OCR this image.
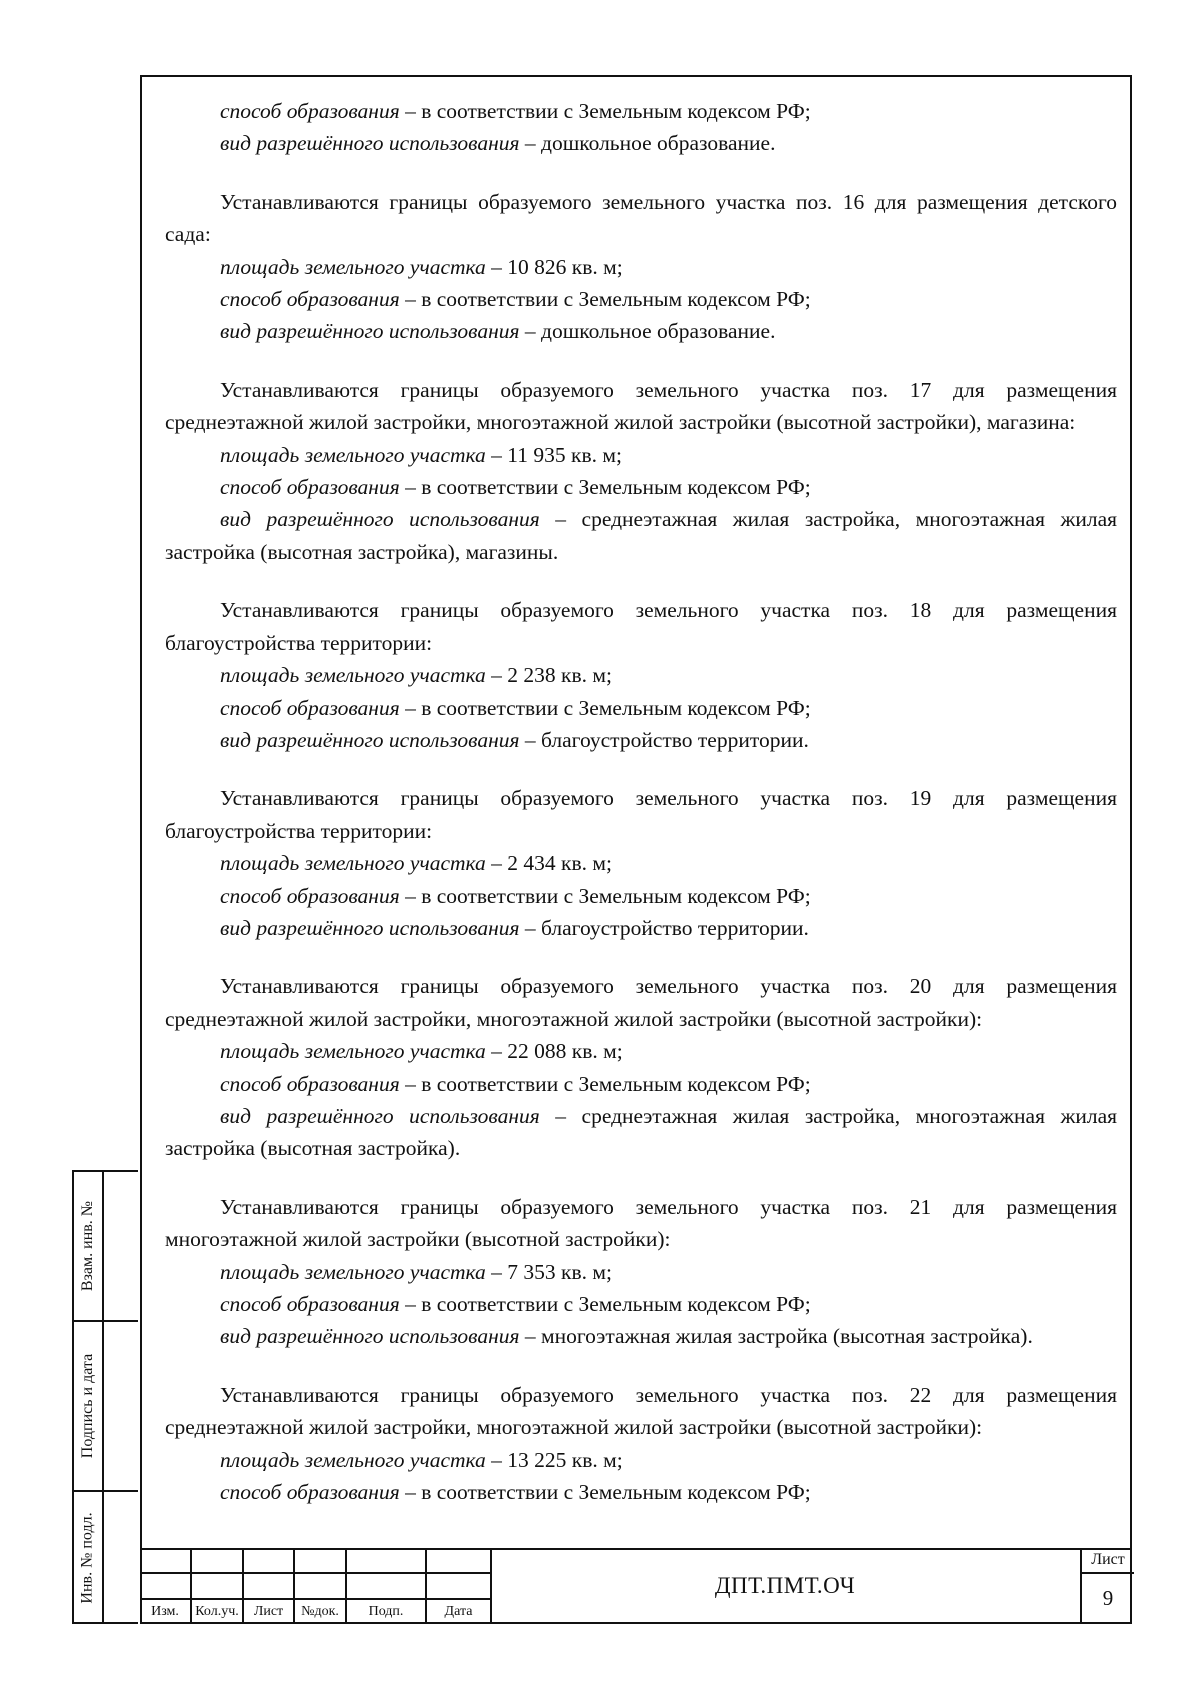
способ образования – в соответствии с Земельным кодексом РФ;

вид разрешённого использования – дошкольное образование.

Устанавливаются границы образуемого земельного участка поз. 16 для размещения детского сада:

площадь земельного участка – 10 826 кв. м;

способ образования – в соответствии с Земельным кодексом РФ;

вид разрешённого использования – дошкольное образование.

Устанавливаются границы образуемого земельного участка поз. 17 для размещения среднеэтажной жилой застройки, многоэтажной жилой застройки (высотной застройки), магазина:

площадь земельного участка – 11 935 кв. м;

способ образования – в соответствии с Земельным кодексом РФ;

вид разрешённого использования – среднеэтажная жилая застройка, многоэтажная жилая застройка (высотная застройка), магазины.

Устанавливаются границы образуемого земельного участка поз. 18 для размещения благоустройства территории:

площадь земельного участка – 2 238 кв. м;

способ образования – в соответствии с Земельным кодексом РФ;

вид разрешённого использования – благоустройство территории.

Устанавливаются границы образуемого земельного участка поз. 19 для размещения благоустройства территории:

площадь земельного участка – 2 434 кв. м;

способ образования – в соответствии с Земельным кодексом РФ;

вид разрешённого использования – благоустройство территории.

Устанавливаются границы образуемого земельного участка поз. 20 для размещения среднеэтажной жилой застройки, многоэтажной жилой застройки (высотной застройки):

площадь земельного участка – 22 088 кв. м;

способ образования – в соответствии с Земельным кодексом РФ;

вид разрешённого использования – среднеэтажная жилая застройка, многоэтажная жилая застройка (высотная застройка).

Устанавливаются границы образуемого земельного участка поз. 21 для размещения многоэтажной жилой застройки (высотной застройки):

площадь земельного участка – 7 353 кв. м;

способ образования – в соответствии с Земельным кодексом РФ;

вид разрешённого использования – многоэтажная жилая застройка (высотная застройка).

Устанавливаются границы образуемого земельного участка поз. 22 для размещения среднеэтажной жилой застройки, многоэтажной жилой застройки (высотной застройки):

площадь земельного участка – 13 225 кв. м;

способ образования – в соответствии с Земельным кодексом РФ;

Взам. инв. №
Подпись и дата
Инв. № подл.
Изм.	Кол.уч.	Лист	№док.	Подп.	Дата
ДПТ.ПМТ.ОЧ
Лист
9
